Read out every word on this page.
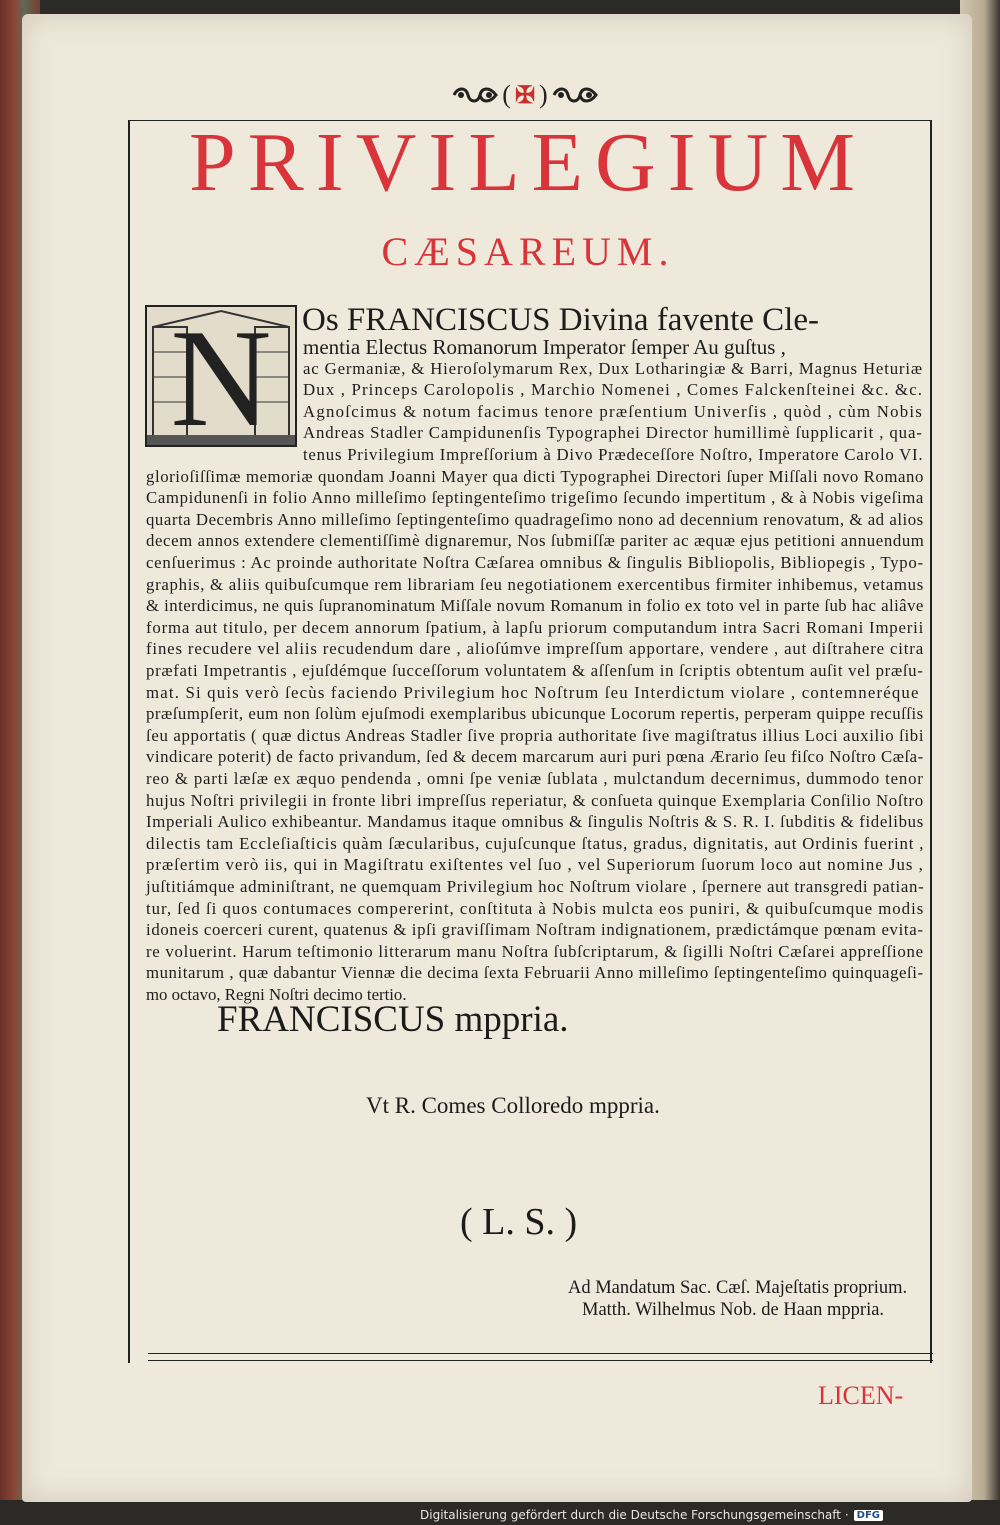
( ✠ )
PRIVILEGIUM
CÆSAREUM.
N Os FRANCISCUS Divina favente Cle-
mentia Electus Romanorum Imperator ſemper Au guſtus ,
ac Germaniæ, & Hieroſolymarum Rex, Dux Lotharingiæ & Barri, Magnus Heturiæ
Dux , Princeps Carolopolis , Marchio Nomenei , Comes Falckenſteinei &c. &c.
Agnoſcimus & notum facimus tenore præſentium Univerſis , quòd , cùm Nobis
Andreas Stadler Campidunenſis Typographei Director humillimè ſupplicarit , qua-
tenus Privilegium Impreſſorium à Divo Prædeceſſore Noſtro, Imperatore Carolo VI.
glorioſiſſimæ memoriæ quondam Joanni Mayer qua dicti Typographei Directori ſuper Miſſali novo Romano
Campidunenſi in folio Anno milleſimo ſeptingenteſimo trigeſimo ſecundo impertitum , & à Nobis vigeſima
quarta Decembris Anno milleſimo ſeptingenteſimo quadrageſimo nono ad decennium renovatum, & ad alios
decem annos extendere clementiſſimè dignaremur, Nos ſubmiſſæ pariter ac æquæ ejus petitioni annuendum
cenſuerimus : Ac proinde authoritate Noſtra Cæſarea omnibus & ſingulis Bibliopolis, Bibliopegis , Typo-
graphis, & aliis quibuſcumque rem librariam ſeu negotiationem exercentibus firmiter inhibemus, vetamus
& interdicimus, ne quis ſupranominatum Miſſale novum Romanum in folio ex toto vel in parte ſub hac aliâve
forma aut titulo, per decem annorum ſpatium, à lapſu priorum computandum intra Sacri Romani Imperii
fines recudere vel aliis recudendum dare , alioſúmve impreſſum apportare, vendere , aut diſtrahere citra
præfati Impetrantis , ejuſdémque ſucceſſorum voluntatem & aſſenſum in ſcriptis obtentum auſit vel præſu-
mat. Si quis verò ſecùs faciendo Privilegium hoc Noſtrum ſeu Interdictum violare , contemneréque
præſumpſerit, eum non ſolùm ejuſmodi exemplaribus ubicunque Locorum repertis, perperam quippe recuſſis
ſeu apportatis ( quæ dictus Andreas Stadler ſive propria authoritate ſive magiſtratus illius Loci auxilio ſibi
vindicare poterit) de facto privandum, ſed & decem marcarum auri puri pœna Ærario ſeu fiſco Noſtro Cæſa-
reo & parti læſæ ex æquo pendenda , omni ſpe veniæ ſublata , mulctandum decernimus, dummodo tenor
hujus Noſtri privilegii in fronte libri impreſſus reperiatur, & conſueta quinque Exemplaria Conſilio Noſtro
Imperiali Aulico exhibeantur. Mandamus itaque omnibus & ſingulis Noſtris & S. R. I. ſubditis & fidelibus
dilectis tam Eccleſiaſticis quàm ſæcularibus, cujuſcunque ſtatus, gradus, dignitatis, aut Ordinis fuerint ,
præſertim verò iis, qui in Magiſtratu exiſtentes vel ſuo , vel Superiorum ſuorum loco aut nomine Jus ,
juſtitiámque adminiſtrant, ne quemquam Privilegium hoc Noſtrum violare , ſpernere aut transgredi patian-
tur, ſed ſi quos contumaces compererint, conſtituta à Nobis mulcta eos puniri, & quibuſcumque modis
idoneis coerceri curent, quatenus & ipſi graviſſimam Noſtram indignationem, prædictámque pœnam evita-
re voluerint. Harum teſtimonio litterarum manu Noſtra ſubſcriptarum, & ſigilli Noſtri Cæſarei appreſſione
munitarum , quæ dabantur Viennæ die decima ſexta Februarii Anno milleſimo ſeptingenteſimo quinquageſi-
mo octavo, Regni Noſtri decimo tertio.
FRANCISCUS mppria.
Vt R. Comes Colloredo mppria.
( L. S. )
Ad Mandatum Sac. Cæſ. Majeſtatis proprium.
Matth. Wilhelmus Nob. de Haan mppria.
LICEN-
Digitalisierung gefördert durch die Deutsche Forschungsgemeinschaft · DFG
